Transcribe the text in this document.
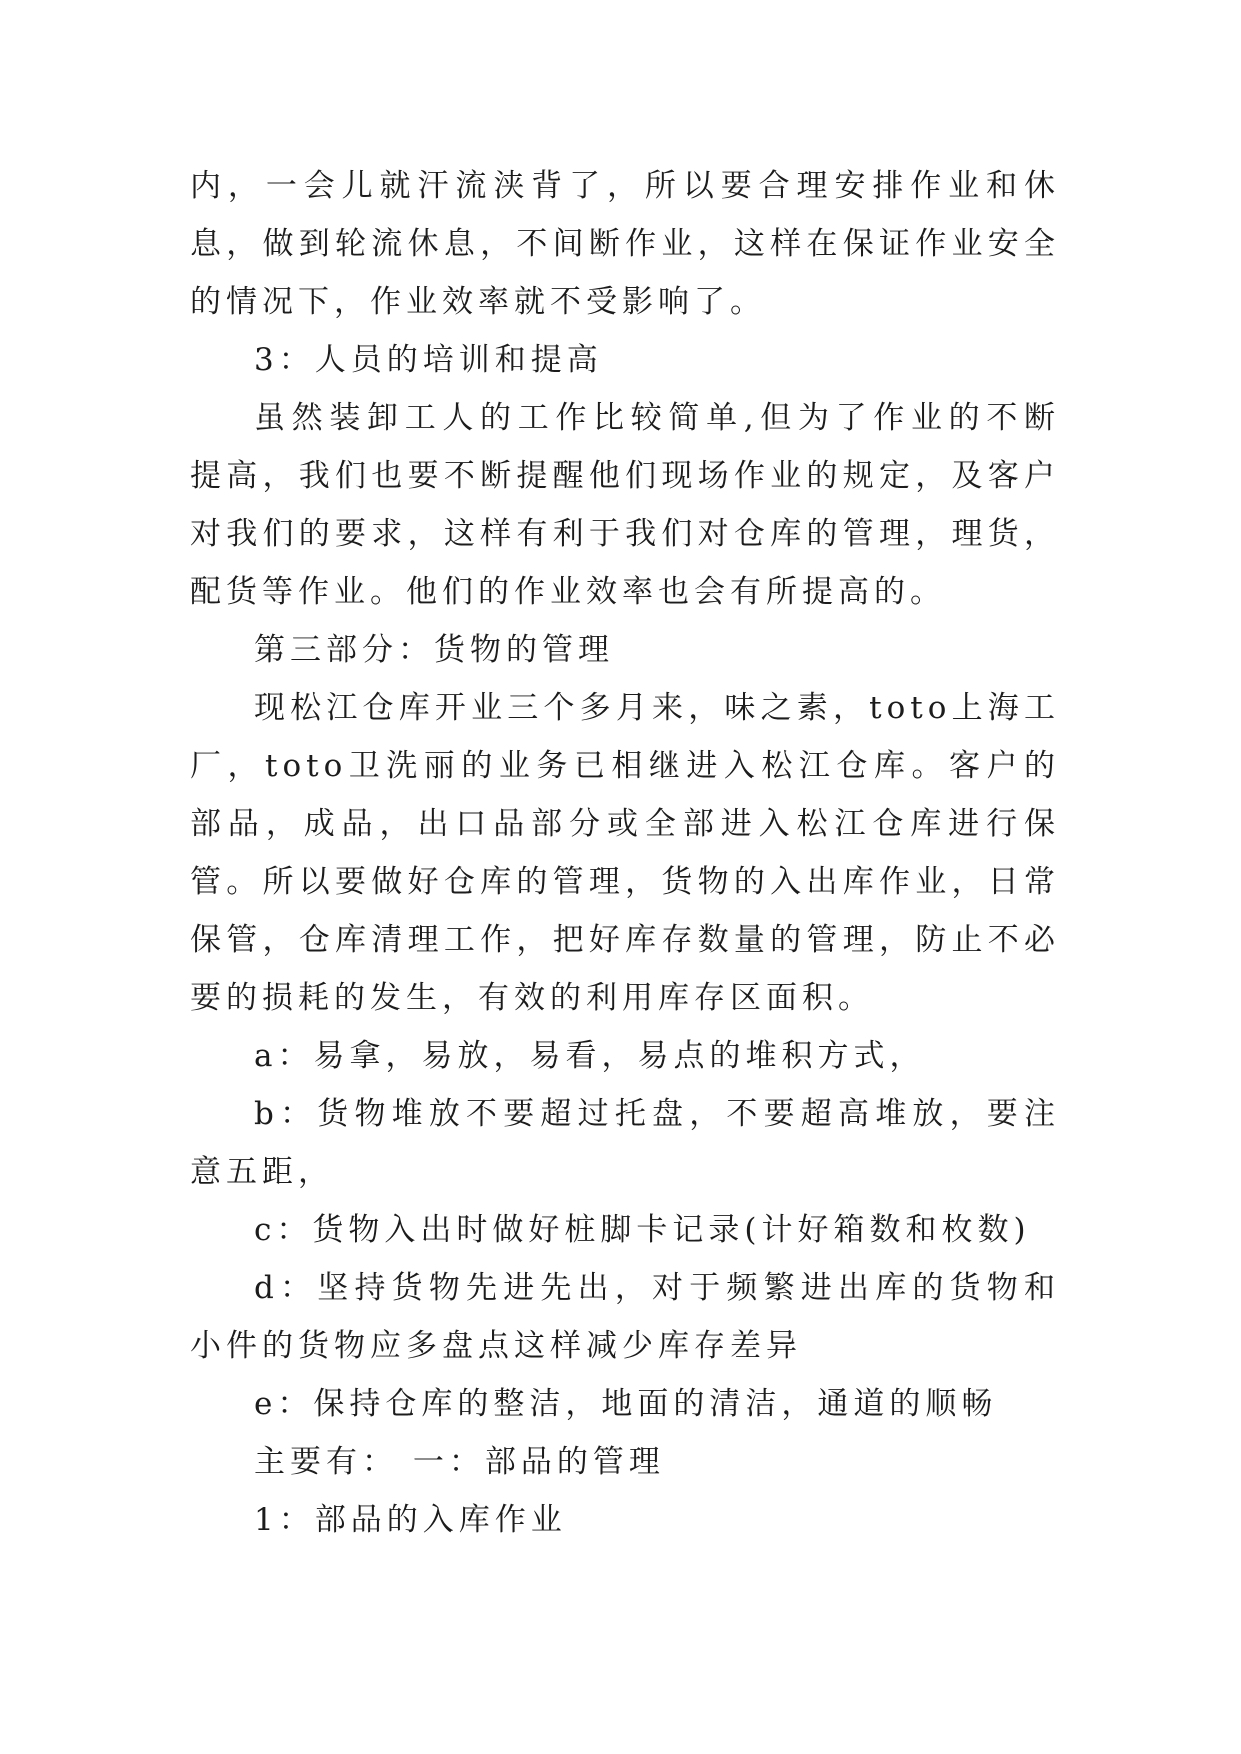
内，一会儿就汗流浃背了，所以要合理安排作业和休息，做到轮流休息，不间断作业，这样在保证作业安全的情况下，作业效率就不受影响了。

3：人员的培训和提高

虽然装卸工人的工作比较简单,但为了作业的不断提高，我们也要不断提醒他们现场作业的规定，及客户对我们的要求，这样有利于我们对仓库的管理，理货，配货等作业。他们的作业效率也会有所提高的。

第三部分：货物的管理

现松江仓库开业三个多月来，味之素，toto上海工厂，toto卫洗丽的业务已相继进入松江仓库。客户的部品，成品，出口品部分或全部进入松江仓库进行保管。所以要做好仓库的管理，货物的入出库作业，日常保管，仓库清理工作，把好库存数量的管理，防止不必要的损耗的发生，有效的利用库存区面积。

a：易拿，易放，易看，易点的堆积方式，

b：货物堆放不要超过托盘，不要超高堆放，要注意五距，

c：货物入出时做好桩脚卡记录(计好箱数和枚数)

d：坚持货物先进先出，对于频繁进出库的货物和小件的货物应多盘点这样减少库存差异

e：保持仓库的整洁，地面的清洁，通道的顺畅

主要有： 一：部品的管理

1：部品的入库作业
